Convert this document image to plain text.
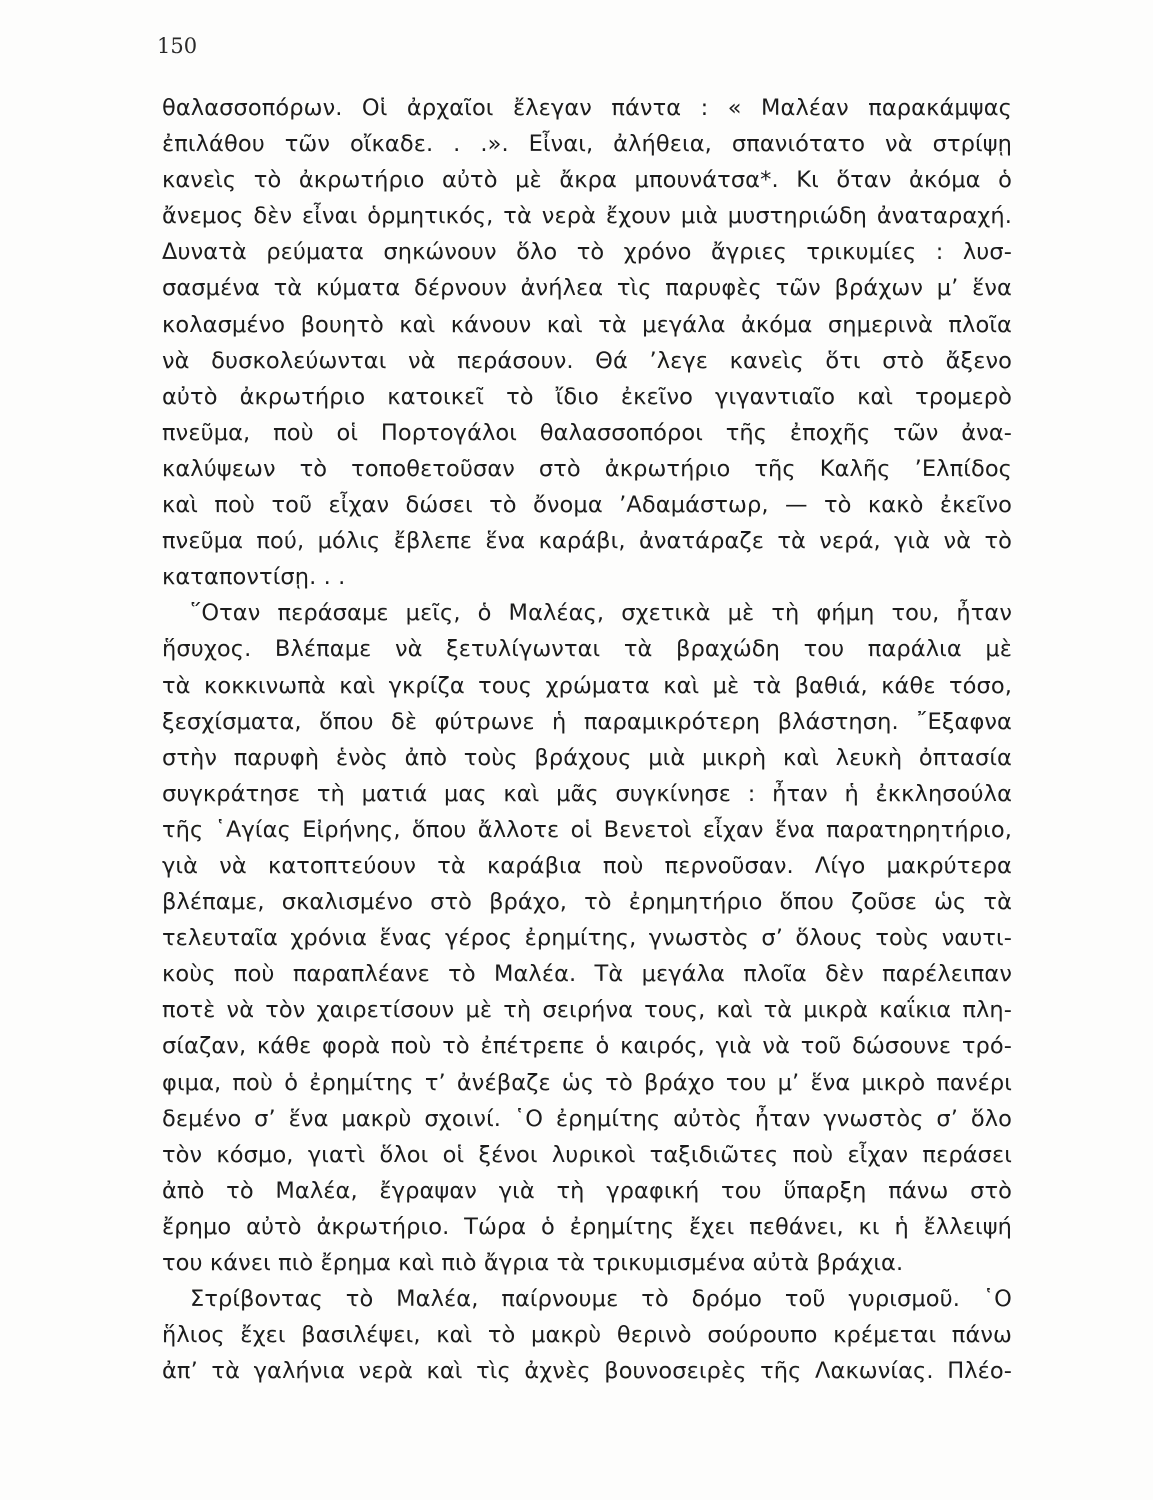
150
θαλασσοπόρων. Οἱ ἀρχαῖοι ἔλεγαν πάντα : « Μαλέαν παρακάμψας
ἐπιλάθου τῶν οἴκαδε. . .». Εἶναι, ἀλήθεια, σπανιότατο νὰ στρίψῃ
κανεὶς τὸ ἀκρωτήριο αὐτὸ μὲ ἄκρα μπουνάτσα*. Κι ὅταν ἀκόμα ὁ
ἄνεμος δὲν εἶναι ὁρμητικός, τὰ νερὰ ἔχουν μιὰ μυστηριώδη ἀναταραχή.
Δυνατὰ ρεύματα σηκώνουν ὅλο τὸ χρόνο ἄγριες τρικυμίες : λυσ-
σασμένα τὰ κύματα δέρνουν ἀνήλεα τὶς παρυφὲς τῶν βράχων μ’ ἕνα
κολασμένο βουητὸ καὶ κάνουν καὶ τὰ μεγάλα ἀκόμα σημερινὰ πλοῖα
νὰ δυσκολεύωνται νὰ περάσουν. Θά ’λεγε κανεὶς ὅτι στὸ ἄξενο
αὐτὸ ἀκρωτήριο κατοικεῖ τὸ ἴδιο ἐκεῖνο γιγαντιαῖο καὶ τρομερὸ
πνεῦμα, ποὺ οἱ Πορτογάλοι θαλασσοπόροι τῆς ἐποχῆς τῶν ἀνα-
καλύψεων τὸ τοποθετοῦσαν στὸ ἀκρωτήριο τῆς Καλῆς ’Ελπίδος
καὶ ποὺ τοῦ εἶχαν δώσει τὸ ὄνομα ’Αδαμάστωρ, — τὸ κακὸ ἐκεῖνο
πνεῦμα πού, μόλις ἔβλεπε ἕνα καράβι, ἀνατάραζε τὰ νερά, γιὰ νὰ τὸ
καταποντίσῃ. . .
῞Οταν περάσαμε μεῖς, ὁ Μαλέας, σχετικὰ μὲ τὴ φήμη του, ἦταν
ἥσυχος. Βλέπαμε νὰ ξετυλίγωνται τὰ βραχώδη του παράλια μὲ
τὰ κοκκινωπὰ καὶ γκρίζα τους χρώματα καὶ μὲ τὰ βαθιά, κάθε τόσο,
ξεσχίσματα, ὅπου δὲ φύτρωνε ἡ παραμικρότερη βλάστηση. ῎Εξαφνα
στὴν παρυφὴ ἑνὸς ἀπὸ τοὺς βράχους μιὰ μικρὴ καὶ λευκὴ ὀπτασία
συγκράτησε τὴ ματιά μας καὶ μᾶς συγκίνησε : ἦταν ἡ ἐκκλησούλα
τῆς ῾Αγίας Εἰρήνης, ὅπου ἄλλοτε οἱ Βενετοὶ εἶχαν ἕνα παρατηρητήριο,
γιὰ νὰ κατοπτεύουν τὰ καράβια ποὺ περνοῦσαν. Λίγο μακρύτερα
βλέπαμε, σκαλισμένο στὸ βράχο, τὸ ἐρημητήριο ὅπου ζοῦσε ὡς τὰ
τελευταῖα χρόνια ἕνας γέρος ἐρημίτης, γνωστὸς σ’ ὅλους τοὺς ναυτι-
κοὺς ποὺ παραπλέανε τὸ Μαλέα. Τὰ μεγάλα πλοῖα δὲν παρέλειπαν
ποτὲ νὰ τὸν χαιρετίσουν μὲ τὴ σειρήνα τους, καὶ τὰ μικρὰ καΐκια πλη-
σίαζαν, κάθε φορὰ ποὺ τὸ ἐπέτρεπε ὁ καιρός, γιὰ νὰ τοῦ δώσουνε τρό-
φιμα, ποὺ ὁ ἐρημίτης τ’ ἀνέβαζε ὡς τὸ βράχο του μ’ ἕνα μικρὸ πανέρι
δεμένο σ’ ἕνα μακρὺ σχοινί. ῾Ο ἐρημίτης αὐτὸς ἦταν γνωστὸς σ’ ὅλο
τὸν κόσμο, γιατὶ ὅλοι οἱ ξένοι λυρικοὶ ταξιδιῶτες ποὺ εἶχαν περάσει
ἀπὸ τὸ Μαλέα, ἔγραψαν γιὰ τὴ γραφική του ὕπαρξη πάνω στὸ
ἔρημο αὐτὸ ἀκρωτήριο. Τώρα ὁ ἐρημίτης ἔχει πεθάνει, κι ἡ ἔλλειψή
του κάνει πιὸ ἔρημα καὶ πιὸ ἄγρια τὰ τρικυμισμένα αὐτὰ βράχια.
Στρίβοντας τὸ Μαλέα, παίρνουμε τὸ δρόμο τοῦ γυρισμοῦ. ῾Ο
ἥλιος ἔχει βασιλέψει, καὶ τὸ μακρὺ θερινὸ σούρουπο κρέμεται πάνω
ἀπ’ τὰ γαλήνια νερὰ καὶ τὶς ἀχνὲς βουνοσειρὲς τῆς Λακωνίας. Πλέο-
